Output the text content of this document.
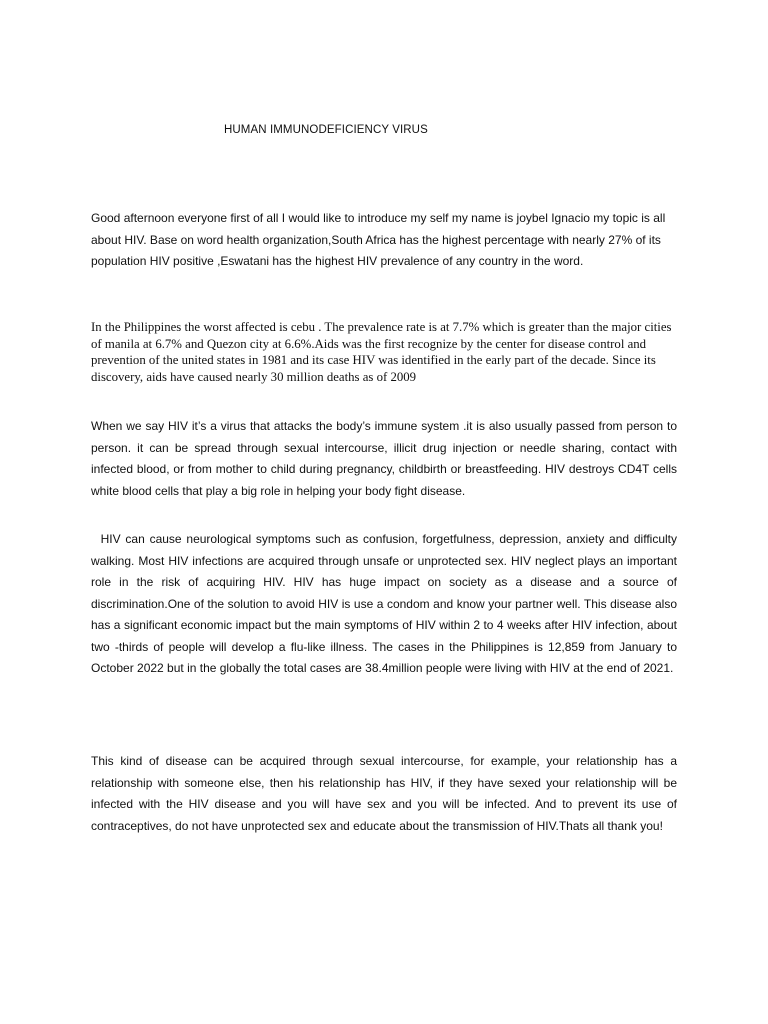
HUMAN IMMUNODEFICIENCY VIRUS

Good afternoon everyone first of all I would like to introduce my self my name is joybel Ignacio my topic is all about HIV. Base on word health organization,South Africa has the highest percentage with nearly 27% of its population HIV positive ,Eswatani has the highest HIV prevalence of any country in the word.

In the Philippines the worst affected is cebu . The prevalence rate is at 7.7% which is greater than the major cities of manila at 6.7% and Quezon city at 6.6%.Aids was the first recognize by the center for disease control and prevention of the united states in 1981 and its case HIV was identified in the early part of the decade. Since its discovery, aids have caused nearly 30 million deaths as of 2009

When we say HIV it’s a virus that attacks the body’s immune system .it is also usually passed from person to person. it can be spread through sexual intercourse, illicit drug injection or needle sharing, contact with infected blood, or from mother to child during pregnancy, childbirth or breastfeeding. HIV destroys CD4T cells white blood cells that play a big role in helping your body fight disease.

HIV can cause neurological symptoms such as confusion, forgetfulness, depression, anxiety and difficulty walking. Most HIV infections are acquired through unsafe or unprotected sex. HIV neglect plays an important role in the risk of acquiring HIV. HIV has huge impact on society as a disease and a source of discrimination.One of the solution to avoid HIV is use a condom and know your partner well. This disease also has a significant economic impact but the main symptoms of HIV within 2 to 4 weeks after HIV infection, about two -thirds of people will develop a flu-like illness. The cases in the Philippines is 12,859 from January to October 2022 but in the globally the total cases are 38.4million people were living with HIV at the end of 2021.

This kind of disease can be acquired through sexual intercourse, for example, your relationship has a relationship with someone else, then his relationship has HIV, if they have sexed your relationship will be infected with the HIV disease and you will have sex and you will be infected. And to prevent its use of contraceptives, do not have unprotected sex and educate about the transmission of HIV.Thats all thank you!
